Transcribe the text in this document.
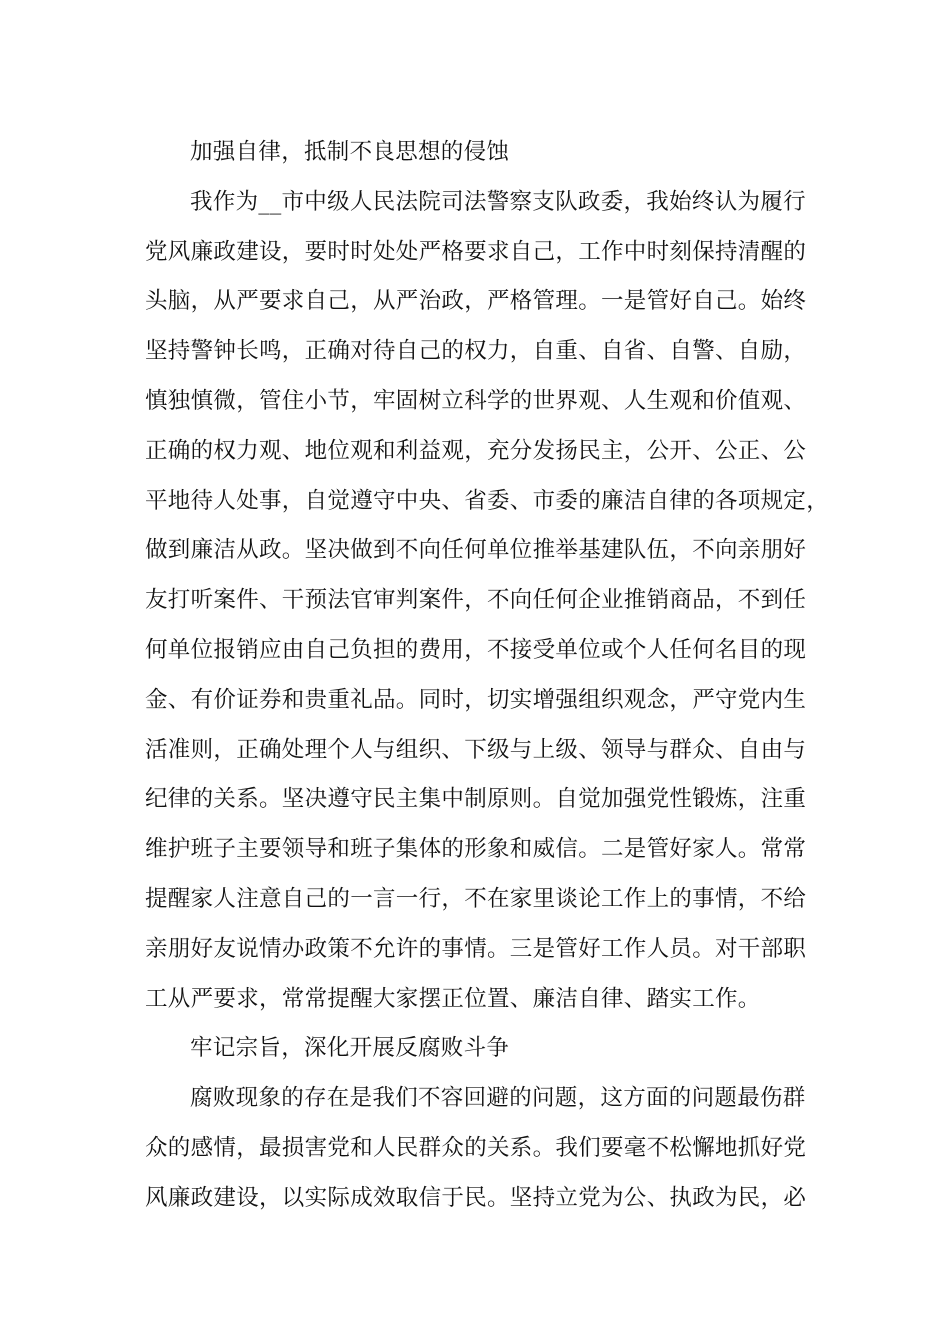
加强自律，抵制不良思想的侵蚀
我作为__市中级人民法院司法警察支队政委，我始终认为履行
党风廉政建设，要时时处处严格要求自己，工作中时刻保持清醒的
头脑，从严要求自己，从严治政，严格管理。一是管好自己。始终
坚持警钟长鸣，正确对待自己的权力，自重、自省、自警、自励，
慎独慎微，管住小节，牢固树立科学的世界观、人生观和价值观、
正确的权力观、地位观和利益观，充分发扬民主，公开、公正、公
平地待人处事，自觉遵守中央、省委、市委的廉洁自律的各项规定，
做到廉洁从政。坚决做到不向任何单位推举基建队伍，不向亲朋好
友打听案件、干预法官审判案件，不向任何企业推销商品，不到任
何单位报销应由自己负担的费用，不接受单位或个人任何名目的现
金、有价证券和贵重礼品。同时，切实增强组织观念，严守党内生
活准则，正确处理个人与组织、下级与上级、领导与群众、自由与
纪律的关系。坚决遵守民主集中制原则。自觉加强党性锻炼，注重
维护班子主要领导和班子集体的形象和威信。二是管好家人。常常
提醒家人注意自己的一言一行，不在家里谈论工作上的事情，不给
亲朋好友说情办政策不允许的事情。三是管好工作人员。对干部职
工从严要求，常常提醒大家摆正位置、廉洁自律、踏实工作。
牢记宗旨，深化开展反腐败斗争
腐败现象的存在是我们不容回避的问题，这方面的问题最伤群
众的感情，最损害党和人民群众的关系。我们要毫不松懈地抓好党
风廉政建设，以实际成效取信于民。坚持立党为公、执政为民，必
